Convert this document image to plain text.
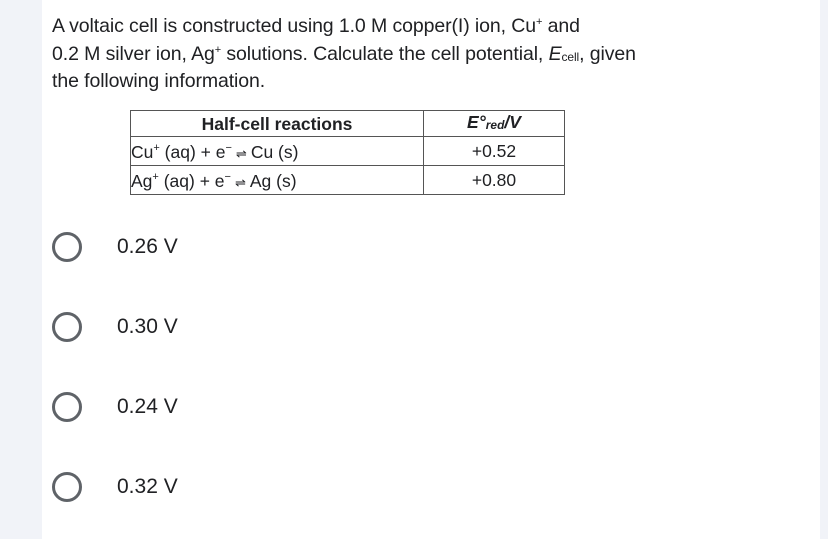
A voltaic cell is constructed using 1.0 M copper(I) ion, Cu+ and

0.2 M silver ion, Ag+ solutions. Calculate the cell potential, Ecell, given

the following information.

Half-cell reactions	E°red/V
Cu+ (aq) + e− ⇌ Cu (s)	+0.52
Ag+ (aq) + e− ⇌ Ag (s)	+0.80
0.26 V
0.30 V
0.24 V
0.32 V
